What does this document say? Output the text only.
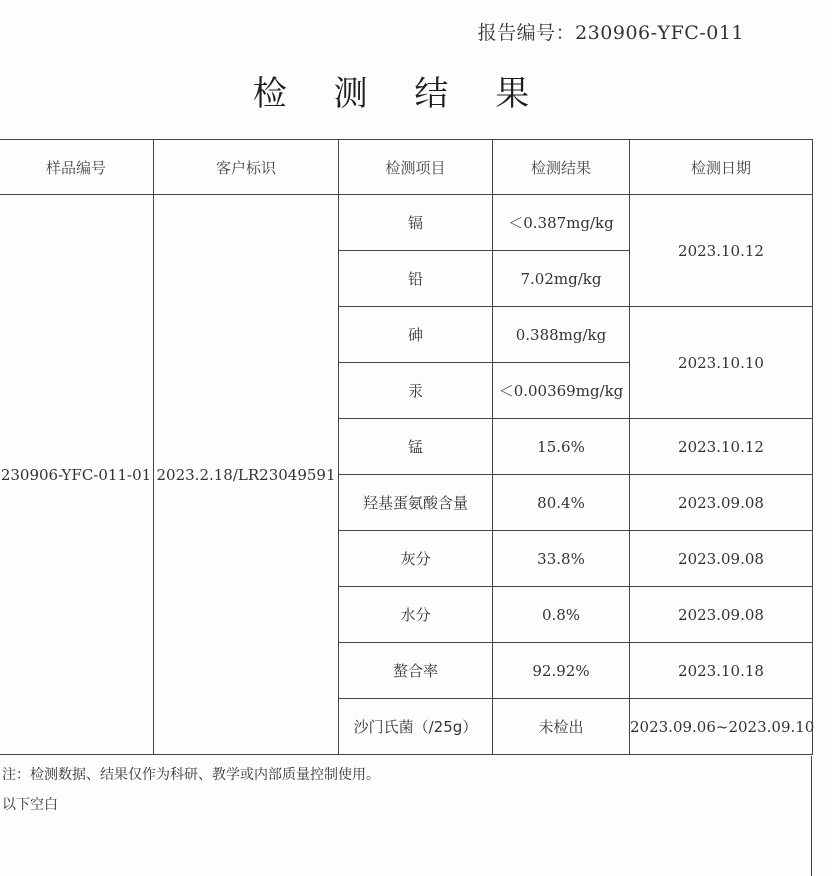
报告编号：230906-YFC-011
检 测 结 果
样品编号	客户标识	检测项目	检测结果	检测日期
230906-YFC-011-01	2023.2.18/LR23049591	镉	＜0.387mg/kg	2023.10.12
		铅	7.02mg/kg	
		砷	0.388mg/kg	2023.10.10
		汞	＜0.00369mg/kg	
		锰	15.6%	2023.10.12
		羟基蛋氨酸含量	80.4%	2023.09.08
		灰分	33.8%	2023.09.08
		水分	0.8%	2023.09.08
		螯合率	92.92%	2023.10.18
		沙门氏菌（/25g）	未检出	2023.09.06~2023.09.10
注：检测数据、结果仅作为科研、教学或内部质量控制使用。
以下空白
